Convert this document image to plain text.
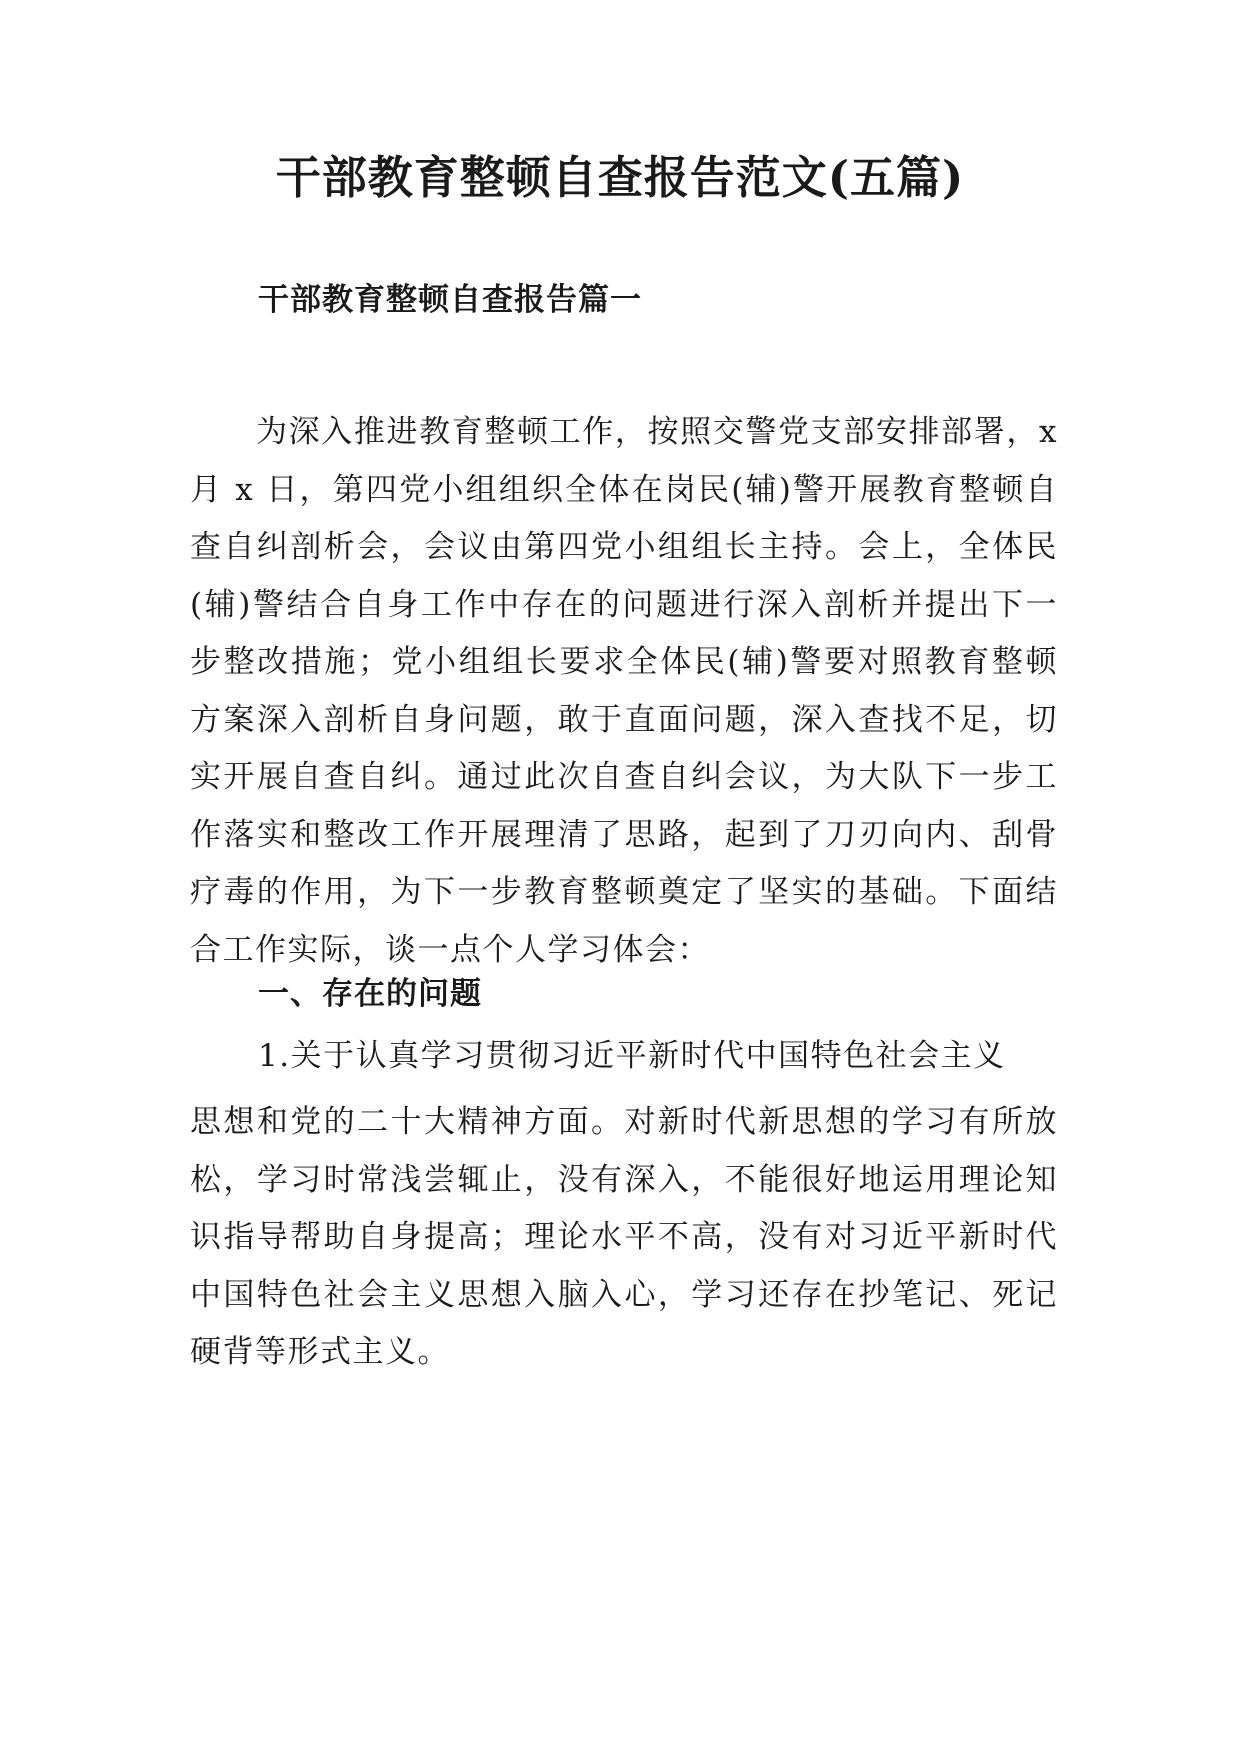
干部教育整顿自查报告范文(五篇)
干部教育整顿自查报告篇一

为深入推进教育整顿工作，按照交警党支部安排部署，x 月 x 日，第四党小组组织全体在岗民(辅)警开展教育整顿自查自纠剖析会，会议由第四党小组组长主持。会上，全体民(辅)警结合自身工作中存在的问题进行深入剖析并提出下一步整改措施；党小组组长要求全体民(辅)警要对照教育整顿方案深入剖析自身问题，敢于直面问题，深入查找不足，切实开展自查自纠。通过此次自查自纠会议，为大队下一步工作落实和整改工作开展理清了思路，起到了刀刃向内、刮骨疗毒的作用，为下一步教育整顿奠定了坚实的基础。下面结合工作实际，谈一点个人学习体会：

一、存在的问题

1.关于认真学习贯彻习近平新时代中国特色社会主义

思想和党的二十大精神方面。对新时代新思想的学习有所放松，学习时常浅尝辄止，没有深入，不能很好地运用理论知识指导帮助自身提高；理论水平不高，没有对习近平新时代中国特色社会主义思想入脑入心，学习还存在抄笔记、死记硬背等形式主义。
